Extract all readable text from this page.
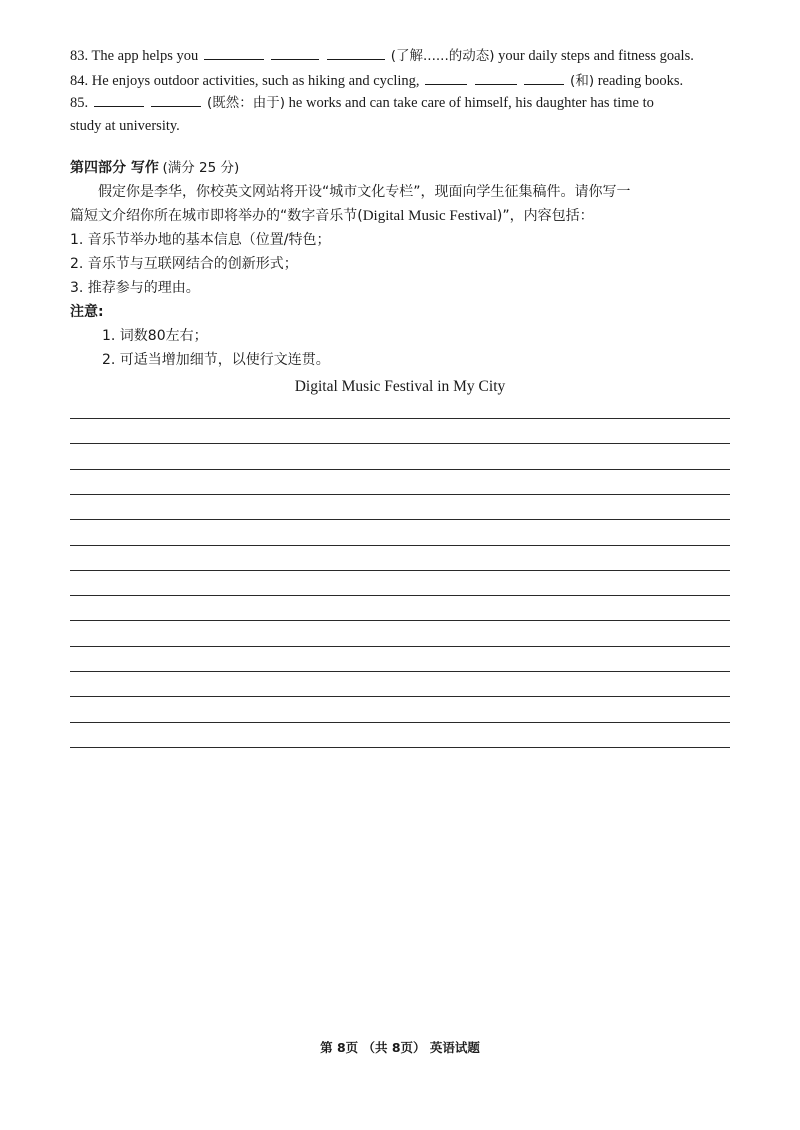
83. The app helps you	(了解......的动态) your daily steps and fitness goals.
84. He enjoys outdoor activities, such as hiking and cycling,	(和) reading books.
85.	(既然：由于) he works and can take care of himself, his daughter has time to
study at university.
第四部分 写作 (满分 25 分)
假定你是李华，你校英文网站将开设“城市文化专栏”，现面向学生征集稿件。请你写一
篇短文介绍你所在城市即将举办的“数字音乐节(Digital Music Festival)”，内容包括：
1. 音乐节举办地的基本信息（位置/特色；
2. 音乐节与互联网结合的创新形式；
3. 推荐参与的理由。
注意:
1. 词数80左右；
2. 可适当增加细节，以使行文连贯。
Digital Music Festival in My City
第 8页 （共 8页） 英语试题
